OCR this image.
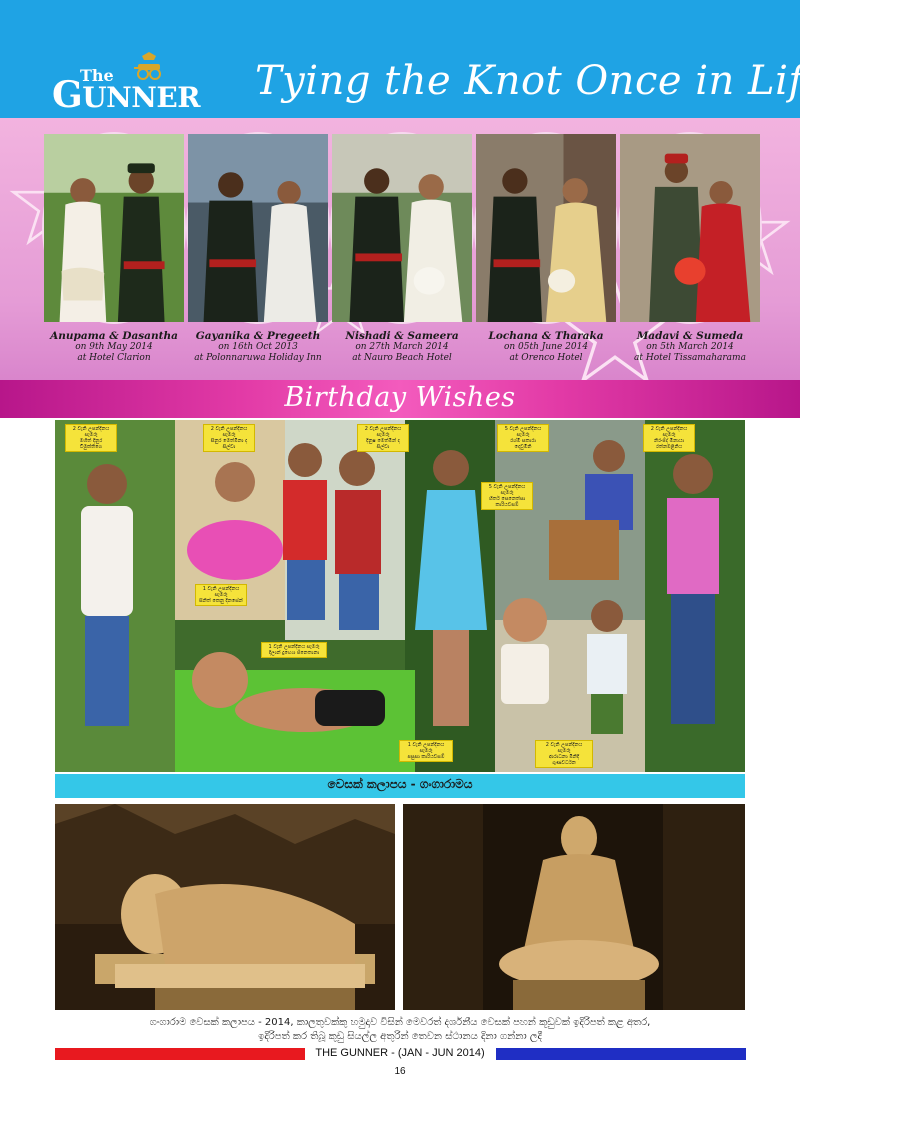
The
GUNNER Tying the Knot Once in Lifetime
Anupama & Dasantha
on 9th May 2014
at Hotel Clarion
Gayanika & Pregeeth
on 16th Oct 2013
at Polonnaruwa Holiday Inn
Nishadi & Sameera
on 27th March 2014
at Nauro Beach Hotel
Lochana & Tharaka
on 05th June 2014
at Orenco Hotel
Madavi & Sumeda
on 5th March 2014
at Hotel Tissamaharama
Birthday Wishes
2 වැනි උපන්දිනය සැමරූ
මහිත් දිනුර විමුක්තිගෙ
2 වැනි උපන්දිනය සැමරූ
සිනුර මෙත්මිනා ද සිල්වා
2 වැනි උපන්දිනය සැමරූ
දිනුෂ මෙත්මින් ද සිල්වා
5 වැනි උපන්දිනය සැමරූ
රශ්මි සකාරා දෙවුමිනි
2 වැනි උපන්දිනය සැමරූ
නිරංජිද් මිනායා රත්නමළිනිය
5 වැනි උපන්දිනය සැමරූ
හිතර් සෙනෙත්සා කාරියවසම්
1 වැනි උපන්දිනය සැමරූ
සිනිත් කෙනු දිනසේන්
1 වැනි උපන්දිනය සැමරූ
දිලාන් දුහෙශ ජිනෙතානා
1 වැනි උපන්දිනය සැමරූ
පසුසා කාරියවසම්
2 වැනි උපන්දිනය සැමරූ
ආරාධනා මිනිදි ගුණවර්ධන
වෙසක් කලාපය - ගංගාරාමය
ගංගාරාම වෙසක් කලාපය - 2014, කාලතුවක්කු හමුදාව විසින් මෙවරත් දර්ශනීය වෙසක් පහන් කූඩුවක් ඉදිරිපත් කළ අතර,
ඉදිරිපත් කර තිබූ කුඩු සියල්ල අතුරින් තෙවන ස්ථානය දිනා ගන්නා ලදී
THE GUNNER - (JAN - JUN 2014)
16
